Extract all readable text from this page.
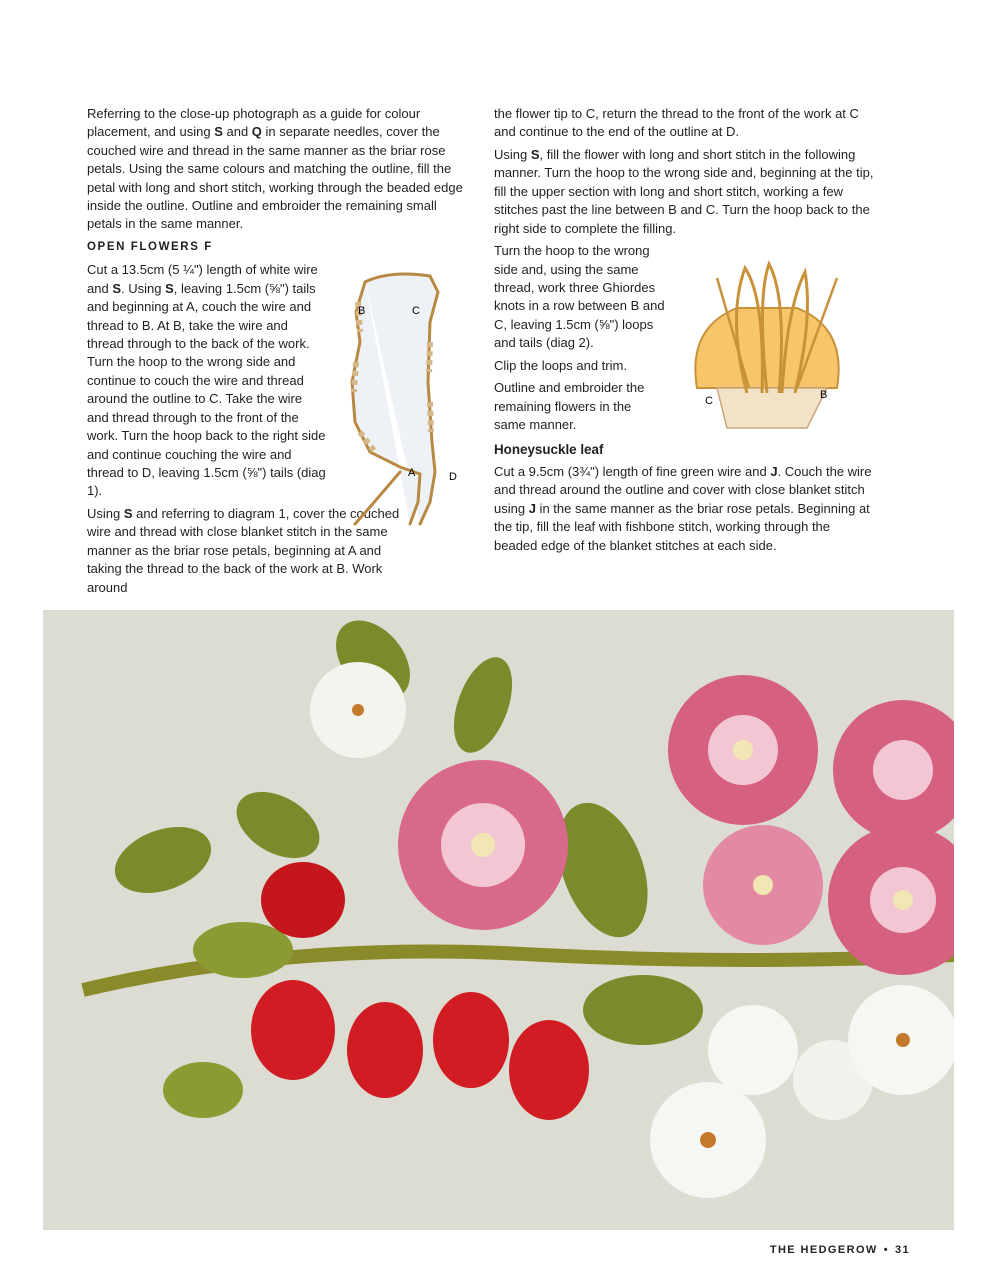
Referring to the close-up photograph as a guide for colour placement, and using S and Q in separate needles, cover the couched wire and thread in the same manner as the briar rose petals. Using the same colours and matching the outline, fill the petal with long and short stitch, working through the beaded edge inside the outline. Outline and embroider the remaining small petals in the same manner.

OPEN FLOWERS F

Cut a 13.5cm (5 ¼") length of white wire and S. Using S, leaving 1.5cm (⅝") tails and beginning at A, couch the wire and thread to B. At B, take the wire and thread through to the back of the work. Turn the hoop to the wrong side and continue to couch the wire and thread around the outline to C. Take the wire and thread through to the front of the work. Turn the hoop back to the right side and continue couching the wire and thread to D, leaving 1.5cm (⅝") tails (diag 1).

Using S and referring to diagram 1, cover the couched wire and thread with close blanket stitch in the same manner as the briar rose petals, beginning at A and taking the thread to the back of the work at B. Work around

B	C
A	D

the flower tip to C, return the thread to the front of the work at C and continue to the end of the outline at D.

Using S, fill the flower with long and short stitch in the following manner. Turn the hoop to the wrong side and, beginning at the tip, fill the upper section with long and short stitch, working a few stitches past the line between B and C. Turn the hoop back to the right side to complete the filling.

Turn the hoop to the wrong side and, using the same thread, work three Ghiordes knots in a row between B and C, leaving 1.5cm (⅝") loops and tails (diag 2).

Clip the loops and trim.

Outline and embroider the remaining flowers in the same manner.

Honeysuckle leaf

Cut a 9.5cm (3¾") length of fine green wire and J. Couch the wire and thread around the outline and cover with close blanket stitch using J in the same manner as the briar rose petals. Beginning at the tip, fill the leaf with fishbone stitch, working through the beaded edge of the blanket stitches at each side.

C	B
THE HEDGEROW • 31
